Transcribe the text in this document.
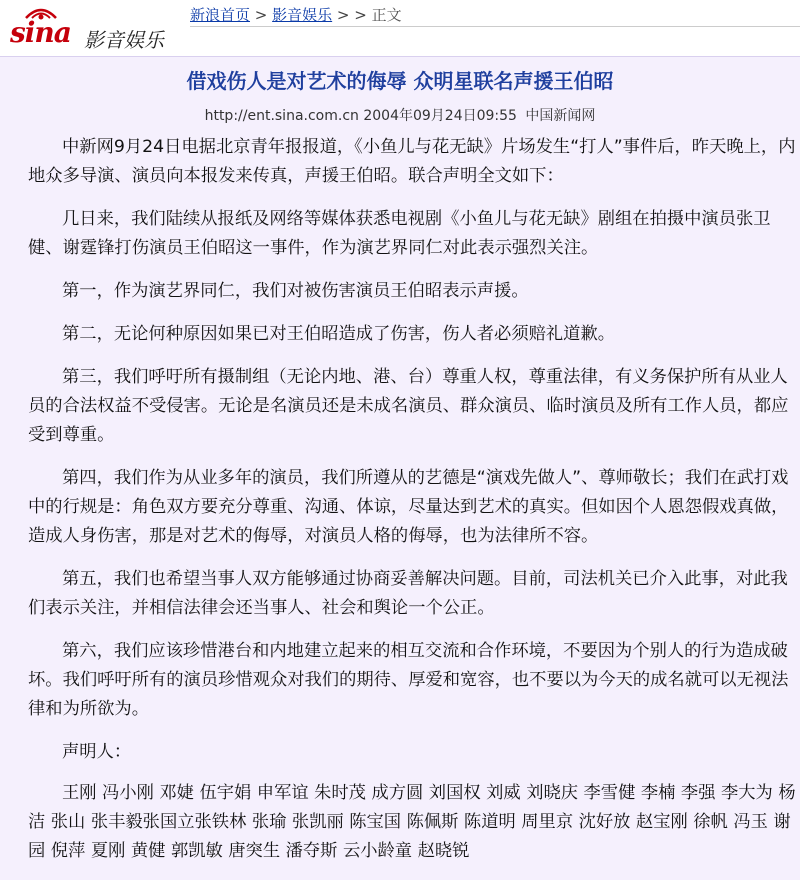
sina 影音娱乐
新浪首页 > 影音娱乐 > > 正文
借戏伤人是对艺术的侮辱 众明星联名声援王伯昭
http://ent.sina.com.cn 2004年09月24日09:55 中国新闻网

中新网9月24日电据北京青年报报道，《小鱼儿与花无缺》片场发生“打人”事件后，昨天晚上，内地众多导演、演员向本报发来传真，声援王伯昭。联合声明全文如下：

几日来，我们陆续从报纸及网络等媒体获悉电视剧《小鱼儿与花无缺》剧组在拍摄中演员张卫健、谢霆锋打伤演员王伯昭这一事件，作为演艺界同仁对此表示强烈关注。

第一，作为演艺界同仁，我们对被伤害演员王伯昭表示声援。

第二，无论何种原因如果已对王伯昭造成了伤害，伤人者必须赔礼道歉。

第三，我们呼吁所有摄制组（无论内地、港、台）尊重人权，尊重法律，有义务保护所有从业人员的合法权益不受侵害。无论是名演员还是未成名演员、群众演员、临时演员及所有工作人员，都应受到尊重。

第四，我们作为从业多年的演员，我们所遵从的艺德是“演戏先做人”、尊师敬长；我们在武打戏中的行规是：角色双方要充分尊重、沟通、体谅，尽量达到艺术的真实。但如因个人恩怨假戏真做，造成人身伤害，那是对艺术的侮辱，对演员人格的侮辱，也为法律所不容。

第五，我们也希望当事人双方能够通过协商妥善解决问题。目前，司法机关已介入此事，对此我们表示关注，并相信法律会还当事人、社会和舆论一个公正。

第六，我们应该珍惜港台和内地建立起来的相互交流和合作环境，不要因为个别人的行为造成破坏。我们呼吁所有的演员珍惜观众对我们的期待、厚爱和宽容，也不要以为今天的成名就可以无视法律和为所欲为。

声明人：

王刚 冯小刚 邓婕 伍宇娟 申军谊 朱时茂 成方圆 刘国权 刘威 刘晓庆 李雪健 李楠 李强 李大为 杨洁 张山 张丰毅张国立张铁林 张瑜 张凯丽 陈宝国 陈佩斯 陈道明 周里京 沈好放 赵宝刚 徐帆 冯玉 谢园 倪萍 夏刚 黄健 郭凯敏 唐突生 潘夺斯 云小龄童 赵晓锐
